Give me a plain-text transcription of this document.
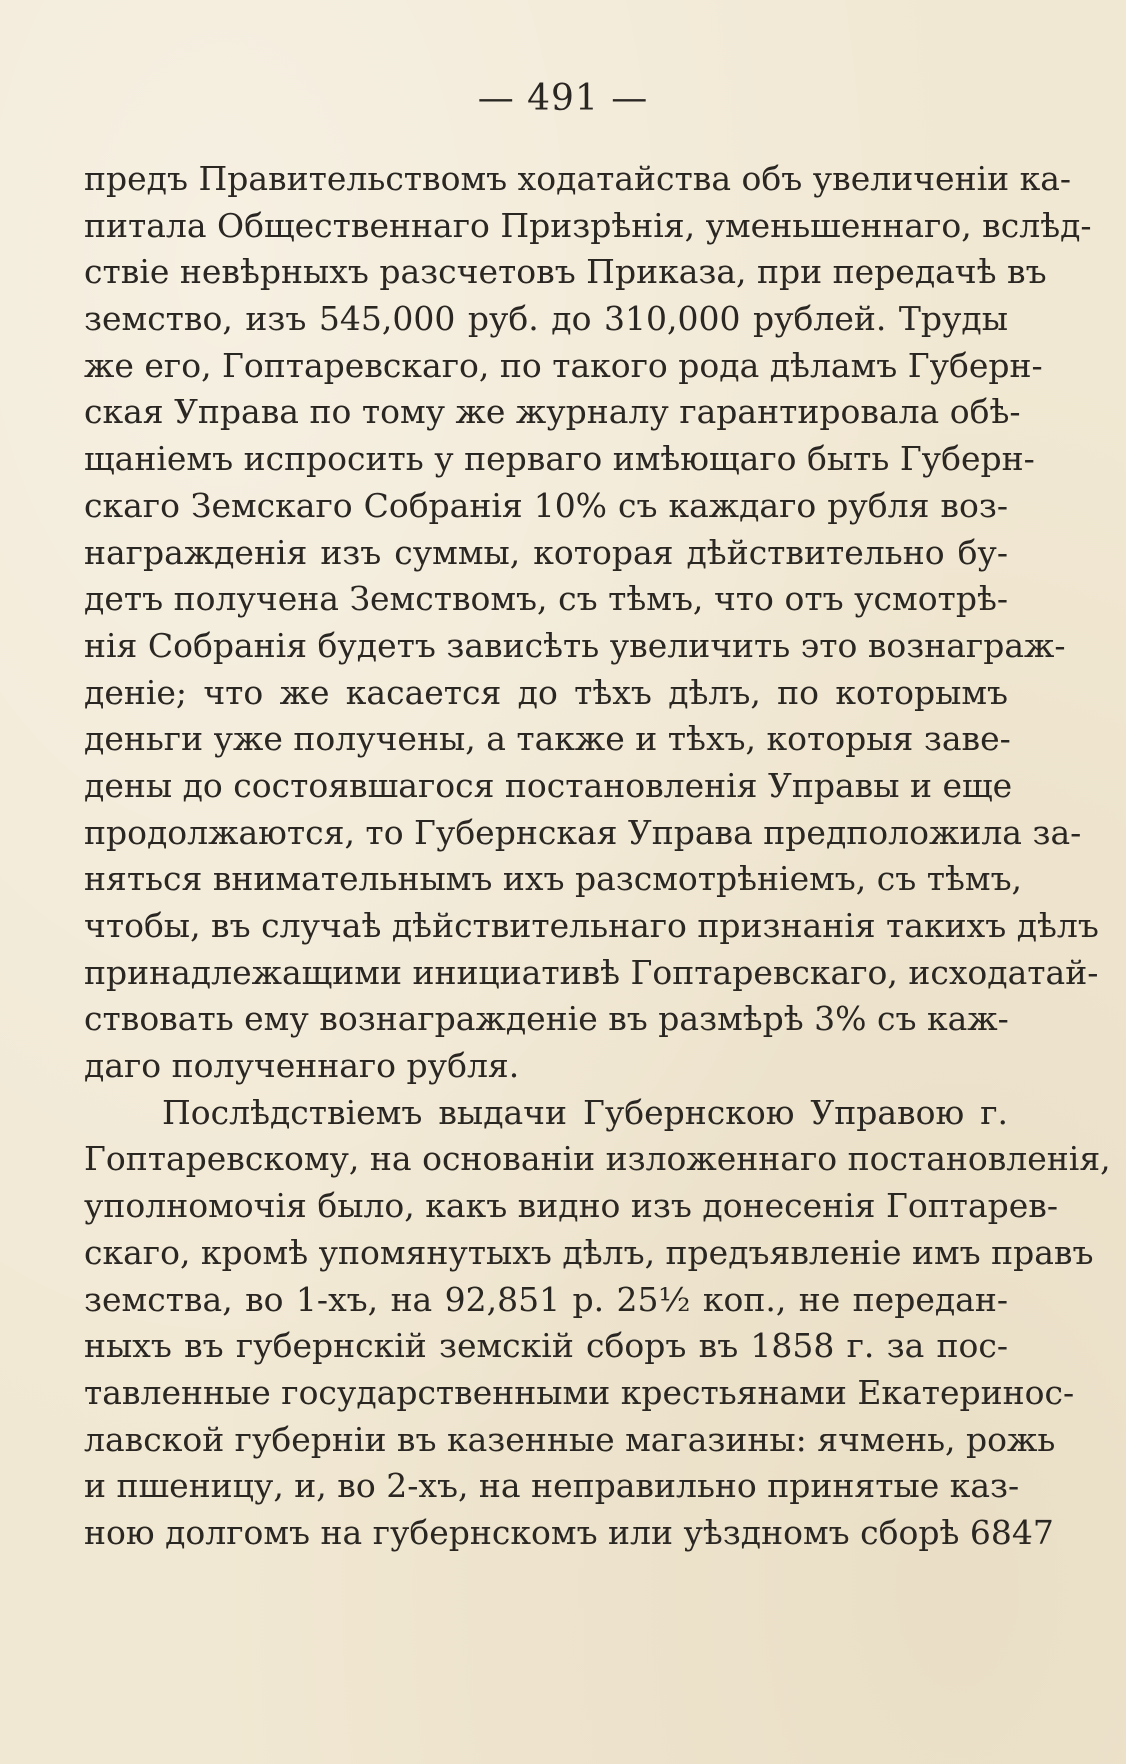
— 491 —
предъ Правительствомъ ходатайства объ увеличенiи ка-
питала Общественнаго Призрѣнiя, уменьшеннаго, вслѣд-
ствiе невѣрныхъ разсчетовъ Приказа, при передачѣ въ
земство, изъ 545,000 руб. до 310,000 рублей. Труды
же его, Гоптаревскаго, по такого рода дѣламъ Губерн-
ская Управа по тому же журналу гарантировала обѣ-
щанiемъ испросить у перваго имѣющаго быть Губерн-
скаго Земскаго Собранiя 10% съ каждаго рубля воз-
награжденiя изъ суммы, которая дѣйствительно бу-
детъ получена Земствомъ, съ тѣмъ, что отъ усмотрѣ-
нiя Собранiя будетъ зависѣть увеличить это вознаграж-
денiе; что же касается до тѣхъ дѣлъ, по которымъ
деньги уже получены, а также и тѣхъ, которыя заве-
дены до состоявшагося постановленiя Управы и еще
продолжаются, то Губернская Управа предположила за-
няться внимательнымъ ихъ разсмотрѣнiемъ, съ тѣмъ,
чтобы, въ случаѣ дѣйствительнаго признанiя такихъ дѣлъ
принадлежащими инициативѣ Гоптаревскаго, исходатай-
ствовать ему вознагражденiе въ размѣрѣ 3% съ каж-
даго полученнаго рубля.
Послѣдствiемъ выдачи Губернскою Управою г.
Гоптаревскому, на основанiи изложеннаго постановленiя,
уполномочiя было, какъ видно изъ донесенiя Гоптарев-
скаго, кромѣ упомянутыхъ дѣлъ, предъявленiе имъ правъ
земства, во 1-хъ, на 92,851 р. 25½ коп., не передан-
ныхъ въ губернскiй земскiй сборъ въ 1858 г. за пос-
тавленные государственными крестьянами Екатеринос-
лавской губернiи въ казенные магазины: ячмень, рожь
и пшеницу, и, во 2-хъ, на неправильно принятые каз-
ною долгомъ на губернскомъ или уѣздномъ сборѣ 6847
